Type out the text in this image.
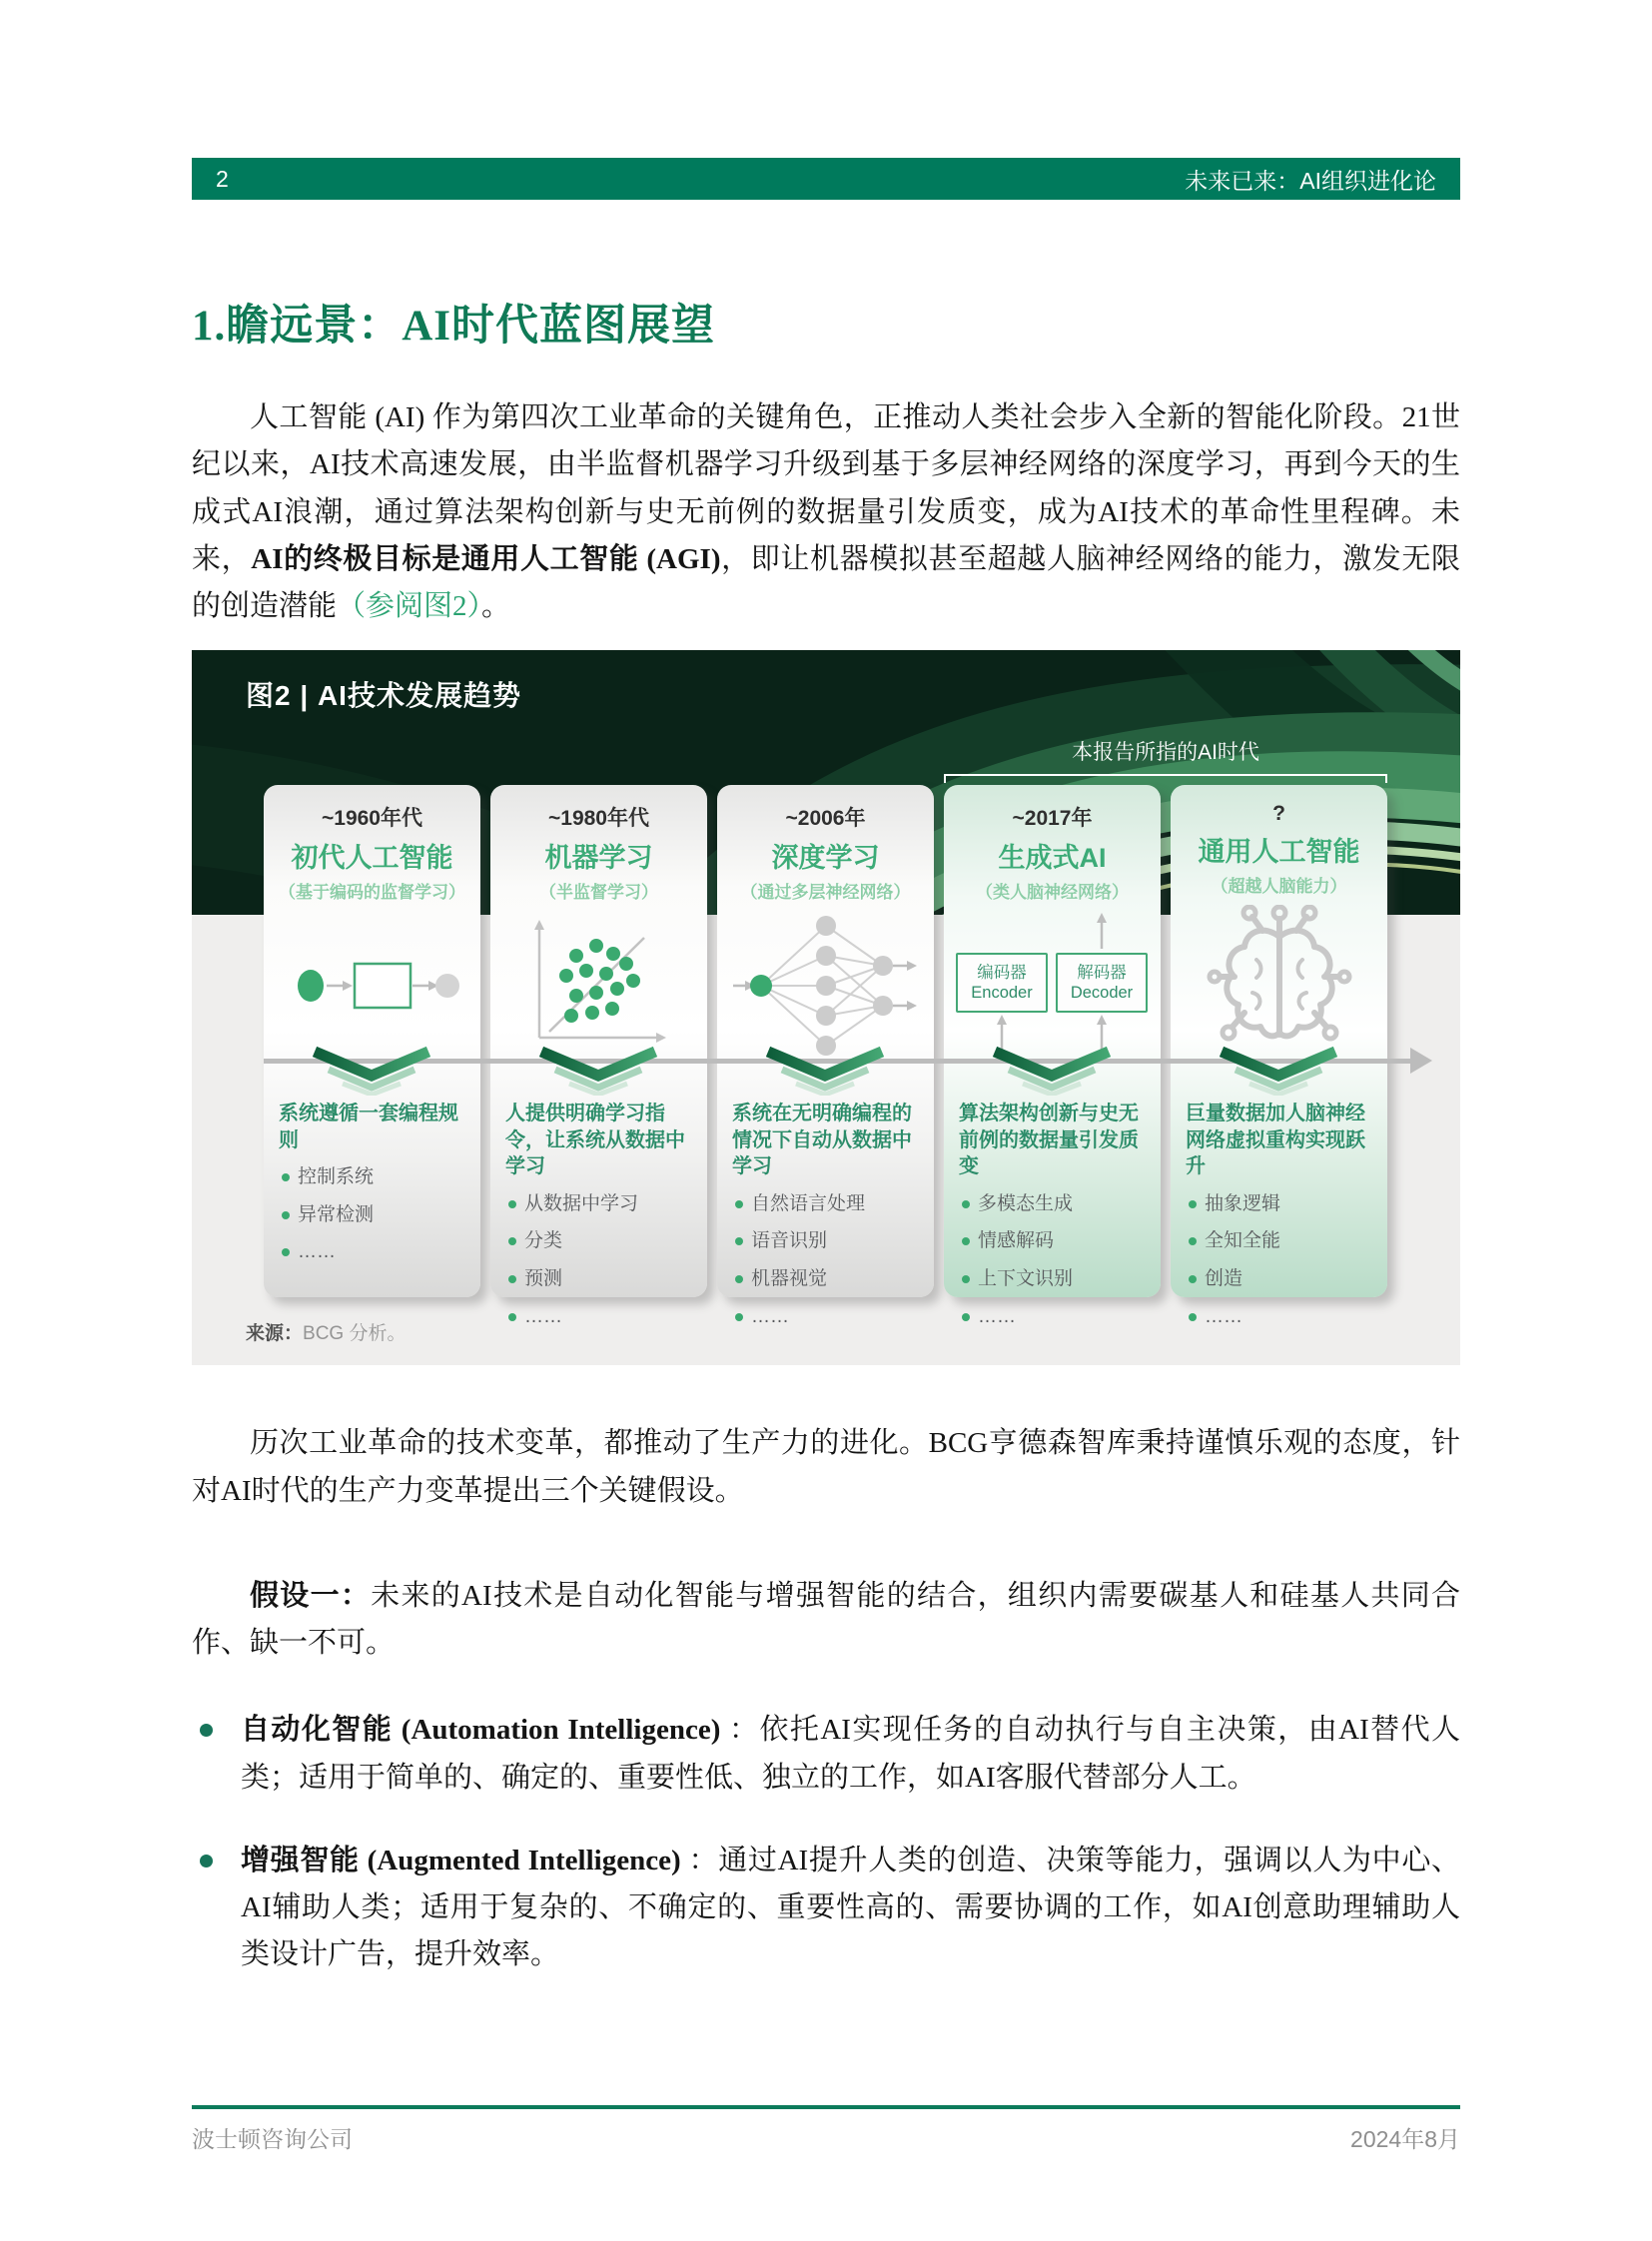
2	未来已来：AI组织进化论
1.瞻远景：AI时代蓝图展望

人工智能 (AI) 作为第四次工业革命的关键角色，正推动人类社会步入全新的智能化阶段。21世纪以来，AI技术高速发展，由半监督机器学习升级到基于多层神经网络的深度学习，再到今天的生成式AI浪潮，通过算法架构创新与史无前例的数据量引发质变，成为AI技术的革命性里程碑。未来，AI的终极目标是通用人工智能 (AGI)，即让机器模拟甚至超越人脑神经网络的能力，激发无限的创造潜能（参阅图2）。

图2 | AI技术发展趋势
本报告所指的AI时代
~1960年代
初代人工智能
（基于编码的监督学习）
系统遵循一套编程规则
控制系统
异常检测
……
~1980年代
机器学习
（半监督学习）
人提供明确学习指令，让系统从数据中学习
从数据中学习
分类
预测
……
~2006年
深度学习
（通过多层神经网络）
系统在无明确编程的情况下自动从数据中学习
自然语言处理
语音识别
机器视觉
……
~2017年
生成式AI
（类人脑神经网络）
编码器
Encoder
解码器
Decoder
算法架构创新与史无前例的数据量引发质变
多模态生成
情感解码
上下文识别
……
?
通用人工智能
（超越人脑能力）
巨量数据加人脑神经网络虚拟重构实现跃升
抽象逻辑
全知全能
创造
……
来源：BCG 分析。

历次工业革命的技术变革，都推动了生产力的进化。BCG亨德森智库秉持谨慎乐观的态度，针对AI时代的生产力变革提出三个关键假设。

假设一：未来的AI技术是自动化智能与增强智能的结合，组织内需要碳基人和硅基人共同合作、缺一不可。

自动化智能 (Automation Intelligence) ：依托AI实现任务的自动执行与自主决策，由AI替代人类；适用于简单的、确定的、重要性低、独立的工作，如AI客服代替部分人工。
增强智能 (Augmented Intelligence) ：通过AI提升人类的创造、决策等能力，强调以人为中心、AI辅助人类；适用于复杂的、不确定的、重要性高的、需要协调的工作，如AI创意助理辅助人类设计广告，提升效率。
波士顿咨询公司	2024年8月
